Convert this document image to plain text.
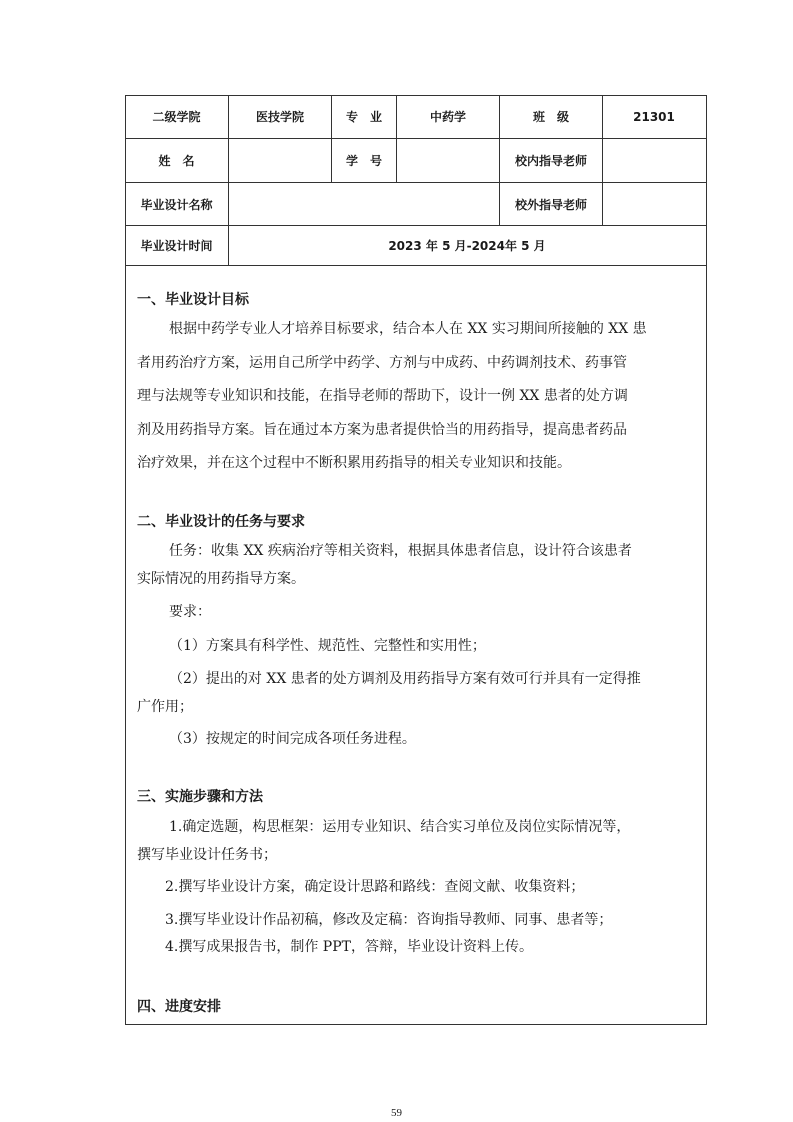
二级学院	医技学院	专　业	中药学	班　级	21301
姓　名	学　号	校内指导老师
毕业设计名称	校外指导老师
毕业设计时间	2023 年 5 月-2024年 5 月
一、毕业设计目标
根据中药学专业人才培养目标要求，结合本人在 XX 实习期间所接触的 XX 患
者用药治疗方案，运用自己所学中药学、方剂与中成药、中药调剂技术、药事管
理与法规等专业知识和技能，在指导老师的帮助下，设计一例 XX 患者的处方调
剂及用药指导方案。旨在通过本方案为患者提供恰当的用药指导，提高患者药品
治疗效果，并在这个过程中不断积累用药指导的相关专业知识和技能。
二、毕业设计的任务与要求
任务：收集 XX 疾病治疗等相关资料，根据具体患者信息，设计符合该患者
实际情况的用药指导方案。
要求：
（1）方案具有科学性、规范性、完整性和实用性；
（2）提出的对 XX 患者的处方调剂及用药指导方案有效可行并具有一定得推
广作用；
（3）按规定的时间完成各项任务进程。
三、实施步骤和方法
1.确定选题，构思框架：运用专业知识、结合实习单位及岗位实际情况等，
撰写毕业设计任务书；
2.撰写毕业设计方案，确定设计思路和路线：查阅文献、收集资料；
3.撰写毕业设计作品初稿，修改及定稿：咨询指导教师、同事、患者等；
4.撰写成果报告书，制作 PPT，答辩，毕业设计资料上传。
四、进度安排
59
